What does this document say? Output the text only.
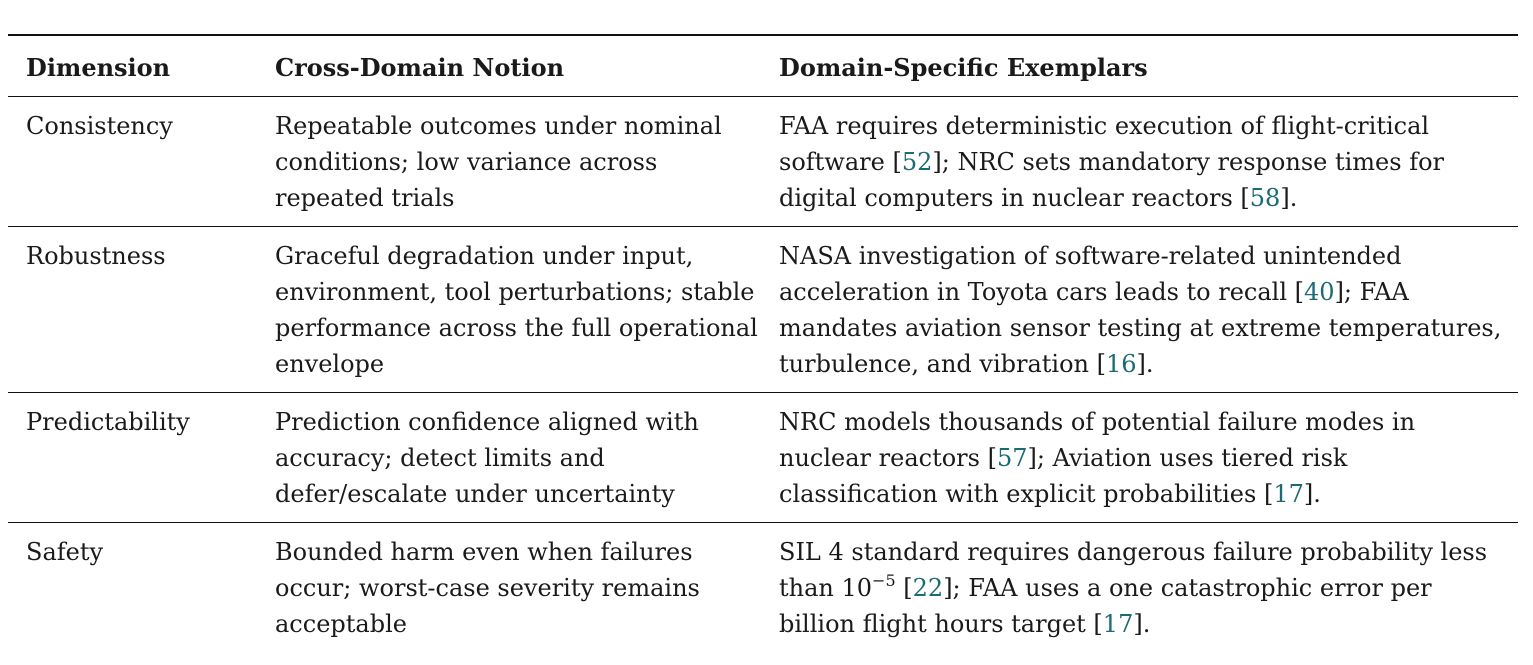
Dimension	Cross-Domain Notion	Domain-Specific Exemplars
Consistency	Repeatable outcomes under nominal conditions; low variance across repeated trials	FAA requires deterministic execution of flight-critical software [52]; NRC sets mandatory response times for digital computers in nuclear reactors [58].
Robustness	Graceful degradation under input, environment, tool perturbations; stable performance across the full operational envelope	NASA investigation of software-related unintended acceleration in Toyota cars leads to recall [40]; FAA mandates aviation sensor testing at extreme temperatures, turbulence, and vibration [16].
Predictability	Prediction confidence aligned with accuracy; detect limits and defer/escalate under uncertainty	NRC models thousands of potential failure modes in nuclear reactors [57]; Aviation uses tiered risk classification with explicit probabilities [17].
Safety	Bounded harm even when failures occur; worst-case severity remains acceptable	SIL 4 standard requires dangerous failure probability less than $10^{-5}$ [22]; FAA uses a one catastrophic error per billion flight hours target [17].
